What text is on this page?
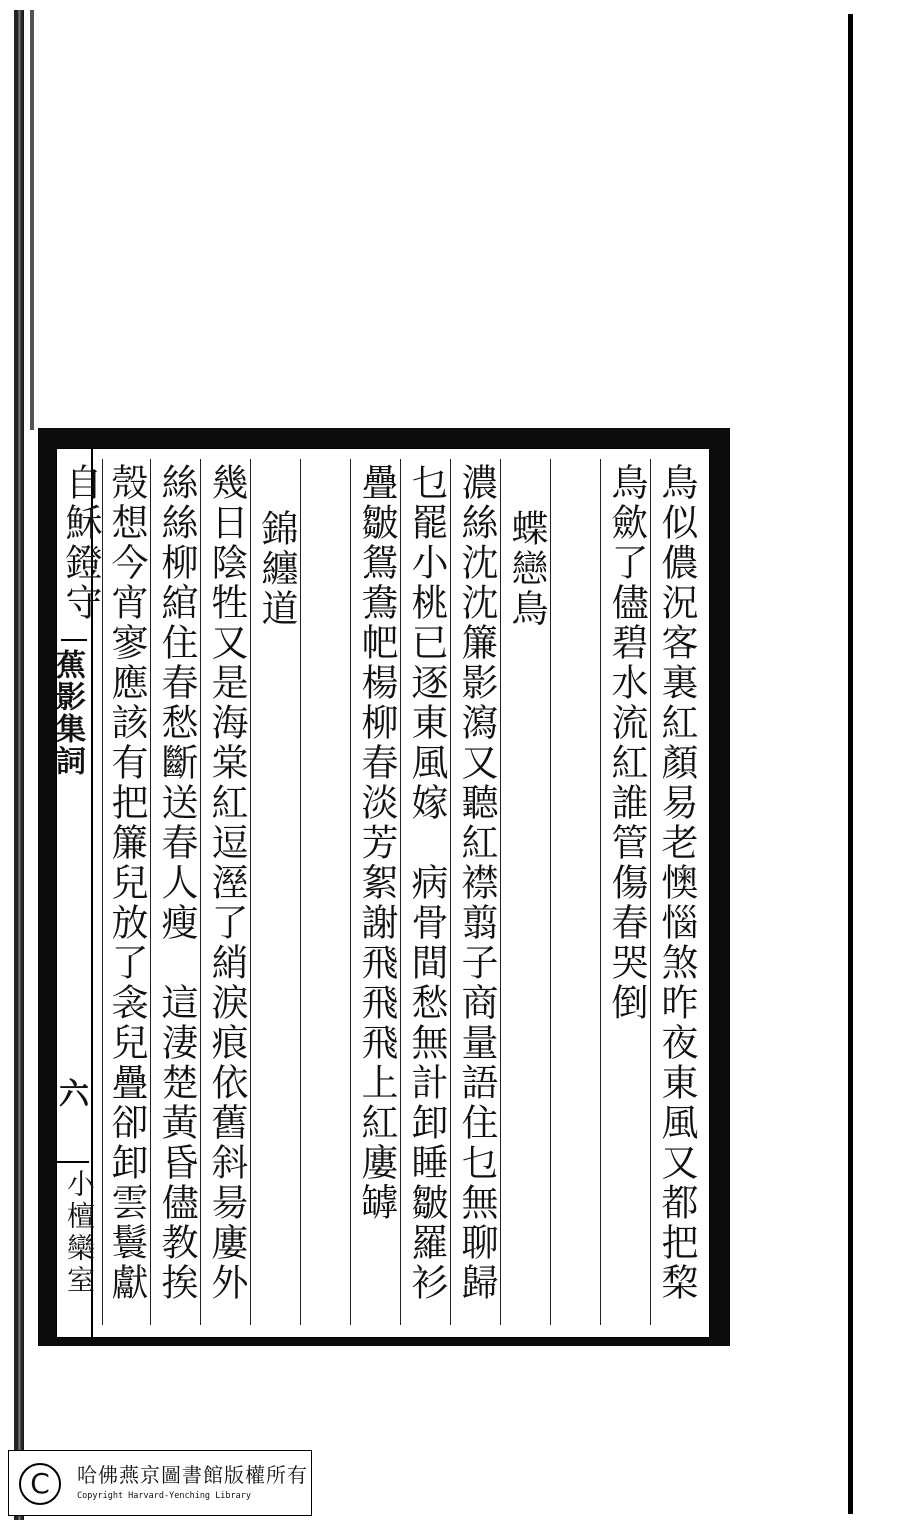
蕉影集詞
六
小檀欒室	鳥似儂況客裏紅顏易老懊惱煞昨夜東風又都把棃
鳥歛了儘碧水流紅誰管傷春哭倒
蝶戀鳥
濃絲沈沈簾影瀉又聽紅襟翦子商量語住乜無聊歸
乜罷小桃已逐東風嫁　病骨間愁無計卸睡皺羅衫
疊皺鴛鴦帊楊柳春淡芳絮謝飛飛飛上紅廔罅
錦纏道
幾日陰牲又是海棠紅逗溼了綃淚痕依舊斜昜廔外
絲絲柳綰住春愁斷送春人瘦　這淒楚黃昏儘教挨
殼想今宵寥應該有把簾兒放了衾兒疊卻卸雲鬟獻
自穌鐙守
C	哈佛燕京圖書館版權所有
Copyright Harvard-Yenching Library
